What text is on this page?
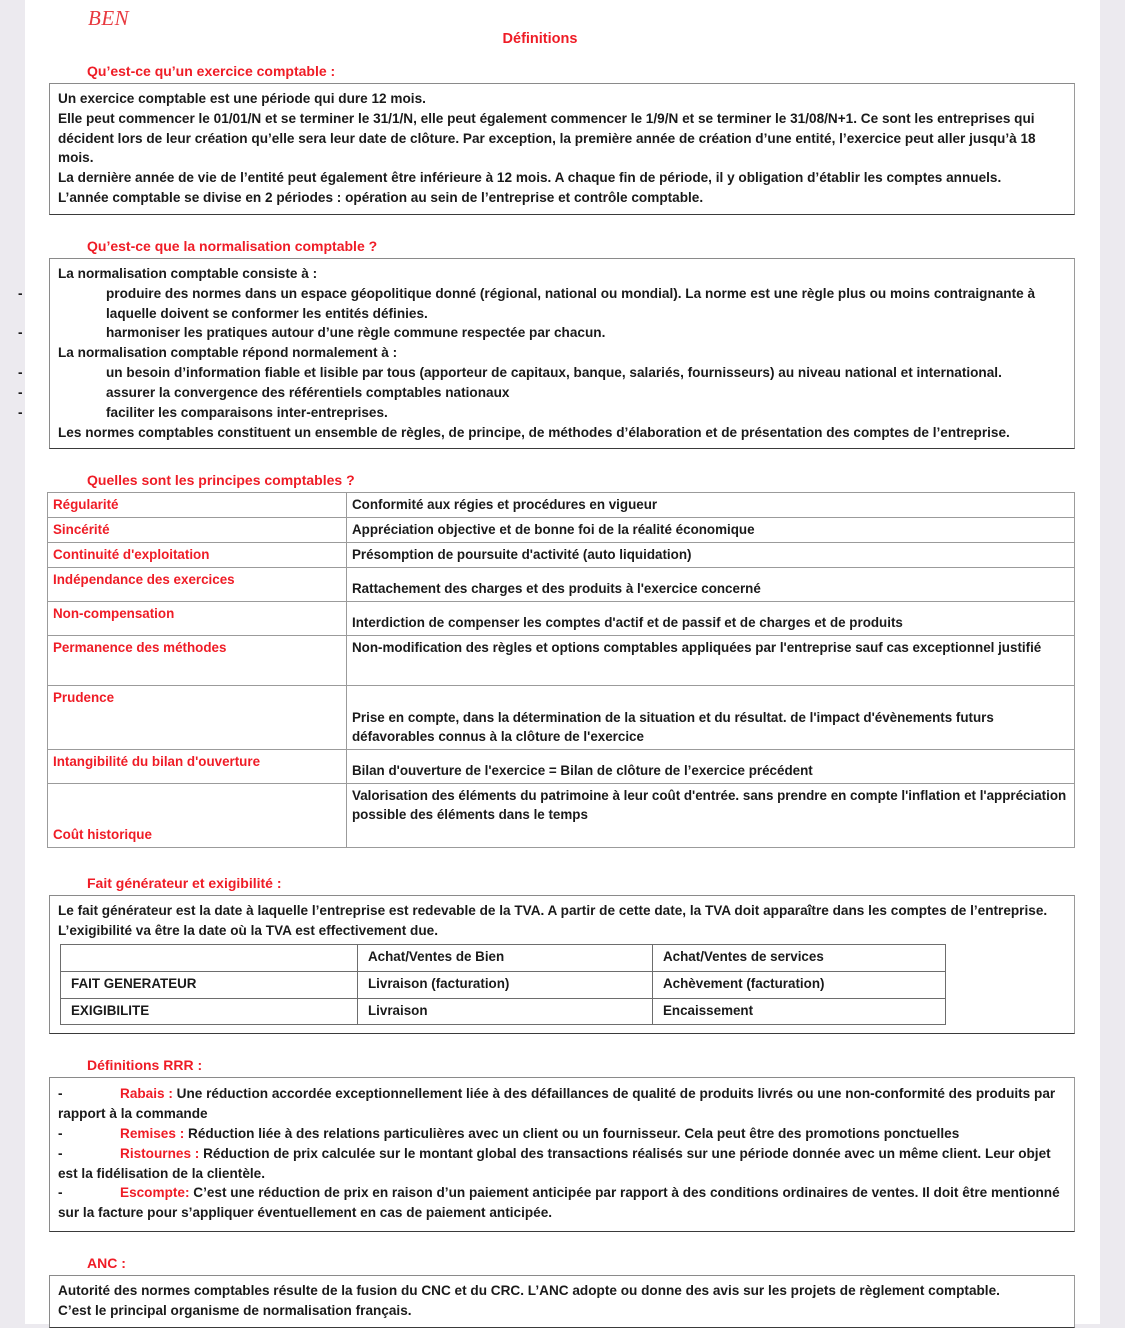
BEN
Définitions
Qu’est-ce qu’un exercice comptable :

Un exercice comptable est une période qui dure 12 mois.

Elle peut commencer le 01/01/N et se terminer le 31/1/N, elle peut également commencer le 1/9/N et se terminer le 31/08/N+1. Ce sont les entreprises qui décident lors de leur création qu’elle sera leur date de clôture. Par exception, la première année de création d’une entité, l’exercice peut aller jusqu’à 18 mois.

La dernière année de vie de l’entité peut également être inférieure à 12 mois. A chaque fin de période, il y obligation d’établir les comptes annuels.

L’année comptable se divise en 2 périodes : opération au sein de l’entreprise et contrôle comptable.

Qu’est-ce que la normalisation comptable ?

La normalisation comptable consiste à :

-	produire des normes dans un espace géopolitique donné (régional, national ou mondial). La norme est une règle plus ou moins contraignante à laquelle doivent se conformer les entités définies.

-	harmoniser les pratiques autour d’une règle commune respectée par chacun.

La normalisation comptable répond normalement à :

-	un besoin d’information fiable et lisible par tous (apporteur de capitaux, banque, salariés, fournisseurs) au niveau national et international.

-	assurer la convergence des référentiels comptables nationaux

-	faciliter les comparaisons inter-entreprises.

Les normes comptables constituent un ensemble de règles, de principe, de méthodes d’élaboration et de présentation des comptes de l’entreprise.

Quelles sont les principes comptables ?
Régularité	Conformité aux régies et procédures en vigueur
Sincérité	Appréciation objective et de bonne foi de la réalité économique
Continuité d'exploitation	Présomption de poursuite d'activité (auto liquidation)
Indépendance des exercices	Rattachement des charges et des produits à l'exercice concerné
Non-compensation	Interdiction de compenser les comptes d'actif et de passif et de charges et de produits
Permanence des méthodes	Non-modification des règles et options comptables appliquées par l'entreprise sauf cas exceptionnel justifié
Prudence	Prise en compte, dans la détermination de la situation et du résultat. de l'impact d'évènements futurs défavorables connus à la clôture de l'exercice
Intangibilité du bilan d'ouverture	Bilan d'ouverture de l'exercice = Bilan de clôture de l’exercice précédent
Coût historique	Valorisation des éléments du patrimoine à leur coût d'entrée. sans prendre en compte l'inflation et l'appréciation possible des éléments dans le temps
Fait générateur et exigibilité :

Le fait générateur est la date à laquelle l’entreprise est redevable de la TVA. A partir de cette date, la TVA doit apparaître dans les comptes de l’entreprise. L’exigibilité va être la date où la TVA est effectivement due.

	Achat/Ventes de Bien	Achat/Ventes de services
FAIT GENERATEUR	Livraison (facturation)	Achèvement (facturation)
EXIGIBILITE	Livraison	Encaissement
Définitions RRR :

-	Rabais : Une réduction accordée exceptionnellement liée à des défaillances de qualité de produits livrés ou une non-conformité des produits par rapport à la commande

-	Remises : Réduction liée à des relations particulières avec un client ou un fournisseur. Cela peut être des promotions ponctuelles

-	Ristournes : Réduction de prix calculée sur le montant global des transactions réalisés sur une période donnée avec un même client. Leur objet est la fidélisation de la clientèle.

-	Escompte: C’est une réduction de prix en raison d’un paiement anticipée par rapport à des conditions ordinaires de ventes. Il doit être mentionné sur la facture pour s’appliquer éventuellement en cas de paiement anticipée.

ANC :

Autorité des normes comptables résulte de la fusion du CNC et du CRC. L’ANC adopte ou donne des avis sur les projets de règlement comptable.

C’est le principal organisme de normalisation français.
